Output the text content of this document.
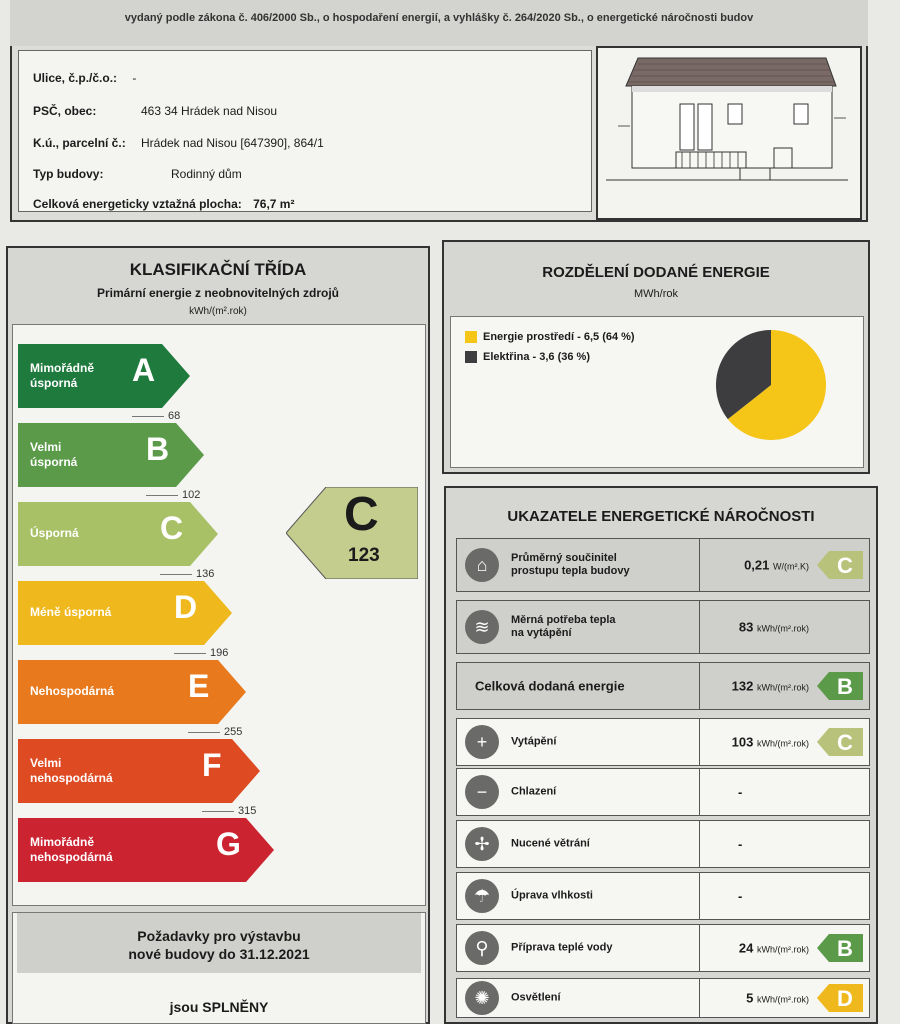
vydaný podle zákona č. 406/2000 Sb., o hospodaření energií, a vyhlášky č. 264/2020 Sb., o energetické náročnosti budov
Ulice, č.p./č.o.: -
PSČ, obec:	463 34 Hrádek nad Nisou
K.ú., parcelní č.: Hrádek nad Nisou [647390], 864/1
Typ budovy:	Rodinný dům
Celková energeticky vztažná plocha: 76,7 m²
KLASIFIKAČNÍ TŘÍDA
Primární energie z neobnovitelných zdrojů
kWh/(m².rok)
Mimořádně
úsporná	A
68
Velmi
úsporná B
102
Úsporná	C
136
Méně úsporná D
196
Nehospodárná E
255
Velmi
nehospodárná	F
315
Mimořádně
nehospodárná	G
C
123
Požadavky pro výstavbu
nové budovy do 31.12.2021
jsou SPLNĚNY
ROZDĚLENÍ DODANÉ ENERGIE
MWh/rok
Energie prostředí - 6,5 (64 %)
Elektřina - 3,6 (36 %)
UKAZATELE ENERGETICKÉ NÁROČNOSTI
⌂	Průměrný součinitel
prostupu tepla budovy	0,21 W/(m².K) C
≋	Měrná potřeba tepla
na vytápění	83 kWh/(m².rok)
Celková dodaná energie	132 kWh/(m².rok) B
+	Vytápění	103 kWh/(m².rok) C
−	Chlazení	-
✢	Nucené větrání	-
☂	Úprava vlhkosti	-
⚲	Příprava teplé vody	24 kWh/(m².rok) B
✺	Osvětlení	5 kWh/(m².rok) D
